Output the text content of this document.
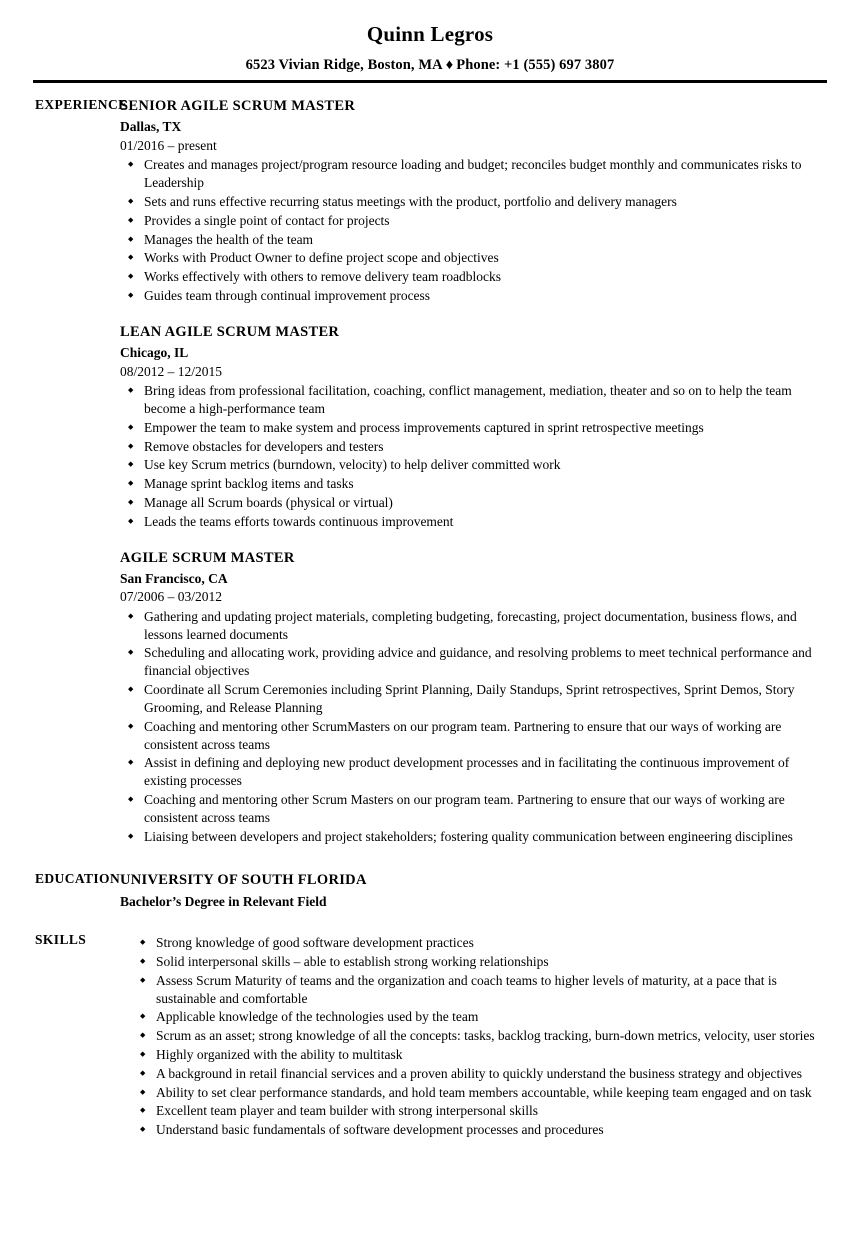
Quinn Legros
6523 Vivian Ridge, Boston, MA ♦ Phone: +1 (555) 697 3807
EXPERIENCE
SENIOR AGILE SCRUM MASTER
Dallas, TX
01/2016 – present
◆ Creates and manages project/program resource loading and budget; reconciles budget monthly and communicates risks to Leadership
◆ Sets and runs effective recurring status meetings with the product, portfolio and delivery managers
◆ Provides a single point of contact for projects
◆ Manages the health of the team
◆ Works with Product Owner to define project scope and objectives
◆ Works effectively with others to remove delivery team roadblocks
◆ Guides team through continual improvement process
LEAN AGILE SCRUM MASTER
Chicago, IL
08/2012 – 12/2015
◆ Bring ideas from professional facilitation, coaching, conflict management, mediation, theater and so on to help the team become a high-performance team
◆ Empower the team to make system and process improvements captured in sprint retrospective meetings
◆ Remove obstacles for developers and testers
◆ Use key Scrum metrics (burndown, velocity) to help deliver committed work
◆ Manage sprint backlog items and tasks
◆ Manage all Scrum boards (physical or virtual)
◆ Leads the teams efforts towards continuous improvement
AGILE SCRUM MASTER
San Francisco, CA
07/2006 – 03/2012
◆ Gathering and updating project materials, completing budgeting, forecasting, project documentation, business flows, and lessons learned documents
◆ Scheduling and allocating work, providing advice and guidance, and resolving problems to meet technical performance and financial objectives
◆ Coordinate all Scrum Ceremonies including Sprint Planning, Daily Standups, Sprint retrospectives, Sprint Demos, Story Grooming, and Release Planning
◆ Coaching and mentoring other ScrumMasters on our program team. Partnering to ensure that our ways of working are consistent across teams
◆ Assist in defining and deploying new product development processes and in facilitating the continuous improvement of existing processes
◆ Coaching and mentoring other Scrum Masters on our program team. Partnering to ensure that our ways of working are consistent across teams
◆ Liaising between developers and project stakeholders; fostering quality communication between engineering disciplines
EDUCATION UNIVERSITY OF SOUTH FLORIDA
Bachelor’s Degree in Relevant Field
SKILLS	◆ Strong knowledge of good software development practices
◆ Solid interpersonal skills – able to establish strong working relationships
◆ Assess Scrum Maturity of teams and the organization and coach teams to higher levels of maturity, at a pace that is sustainable and comfortable
◆ Applicable knowledge of the technologies used by the team
◆ Scrum as an asset; strong knowledge of all the concepts: tasks, backlog tracking, burn-down metrics, velocity, user stories
◆ Highly organized with the ability to multitask
◆ A background in retail financial services and a proven ability to quickly understand the business strategy and objectives
◆ Ability to set clear performance standards, and hold team members accountable, while keeping team engaged and on task
◆ Excellent team player and team builder with strong interpersonal skills
◆ Understand basic fundamentals of software development processes and procedures
